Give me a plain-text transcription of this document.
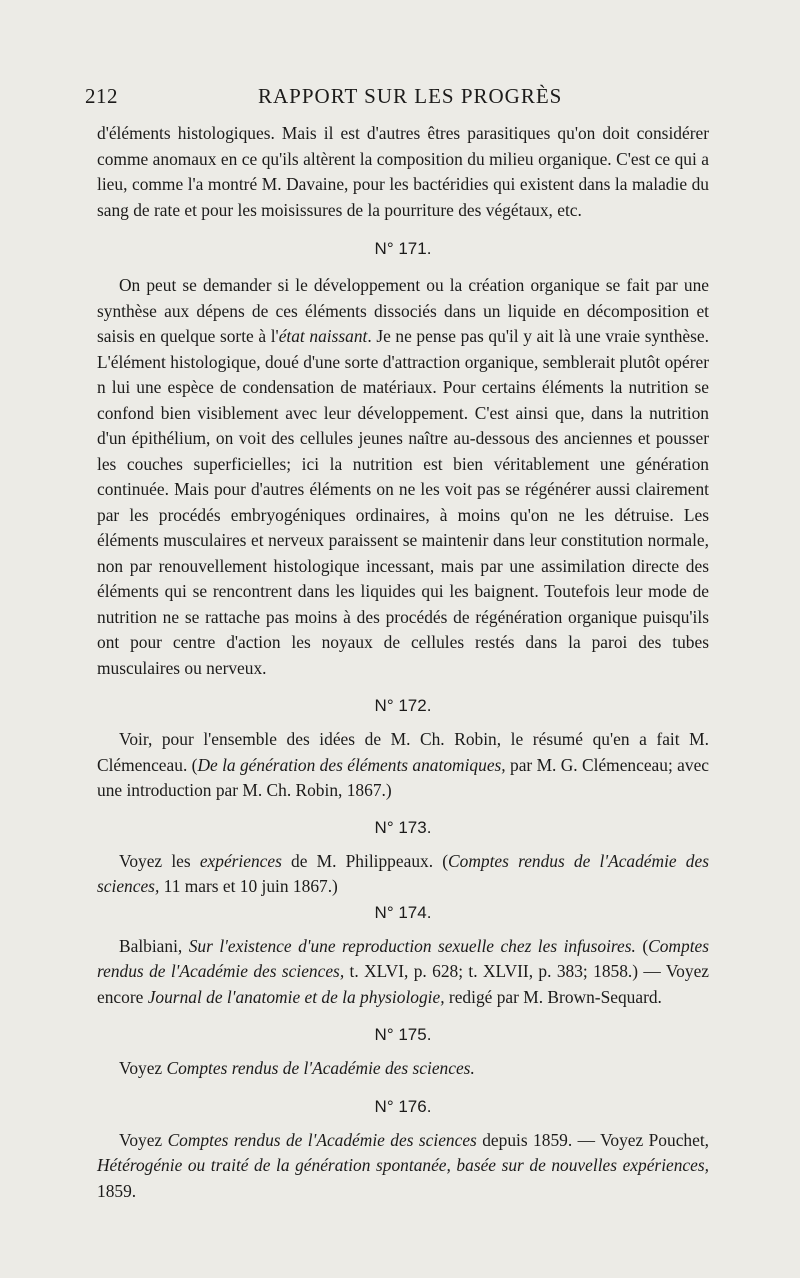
212	RAPPORT SUR LES PROGRÈS

d'éléments histologiques. Mais il est d'autres êtres parasitiques qu'on doit considérer comme anomaux en ce qu'ils altèrent la composition du milieu organique. C'est ce qui a lieu, comme l'a montré M. Davaine, pour les bactéridies qui existent dans la maladie du sang de rate et pour les moisissures de la pourriture des végétaux, etc.

N° 171.

On peut se demander si le développement ou la création organique se fait par une synthèse aux dépens de ces éléments dissociés dans un liquide en décomposition et saisis en quelque sorte à l'état naissant. Je ne pense pas qu'il y ait là une vraie synthèse. L'élément histologique, doué d'une sorte d'attraction organique, semblerait plutôt opérer n lui une espèce de condensation de matériaux. Pour certains éléments la nutrition se confond bien visiblement avec leur développement. C'est ainsi que, dans la nutrition d'un épithélium, on voit des cellules jeunes naître au-dessous des anciennes et pousser les couches superficielles; ici la nutrition est bien véritablement une génération continuée. Mais pour d'autres éléments on ne les voit pas se régénérer aussi clairement par les procédés embryogéniques ordinaires, à moins qu'on ne les détruise. Les éléments musculaires et nerveux paraissent se maintenir dans leur constitution normale, non par renouvellement histologique incessant, mais par une assimilation directe des éléments qui se rencontrent dans les liquides qui les baignent. Toutefois leur mode de nutrition ne se rattache pas moins à des procédés de régénération organique puisqu'ils ont pour centre d'action les noyaux de cellules restés dans la paroi des tubes musculaires ou nerveux.

N° 172.

Voir, pour l'ensemble des idées de M. Ch. Robin, le résumé qu'en a fait M. Clémenceau. (De la génération des éléments anatomiques, par M. G. Clémenceau; avec une introduction par M. Ch. Robin, 1867.)

N° 173.

Voyez les expériences de M. Philippeaux. (Comptes rendus de l'Académie des sciences, 11 mars et 10 juin 1867.)

N° 174.

Balbiani, Sur l'existence d'une reproduction sexuelle chez les infusoires. (Comptes rendus de l'Académie des sciences, t. XLVI, p. 628; t. XLVII, p. 383; 1858.) — Voyez encore Journal de l'anatomie et de la physiologie, redigé par M. Brown-Sequard.

N° 175.

Voyez Comptes rendus de l'Académie des sciences.

N° 176.

Voyez Comptes rendus de l'Académie des sciences depuis 1859. — Voyez Pouchet, Hétérogénie ou traité de la génération spontanée, basée sur de nouvelles expériences, 1859.
